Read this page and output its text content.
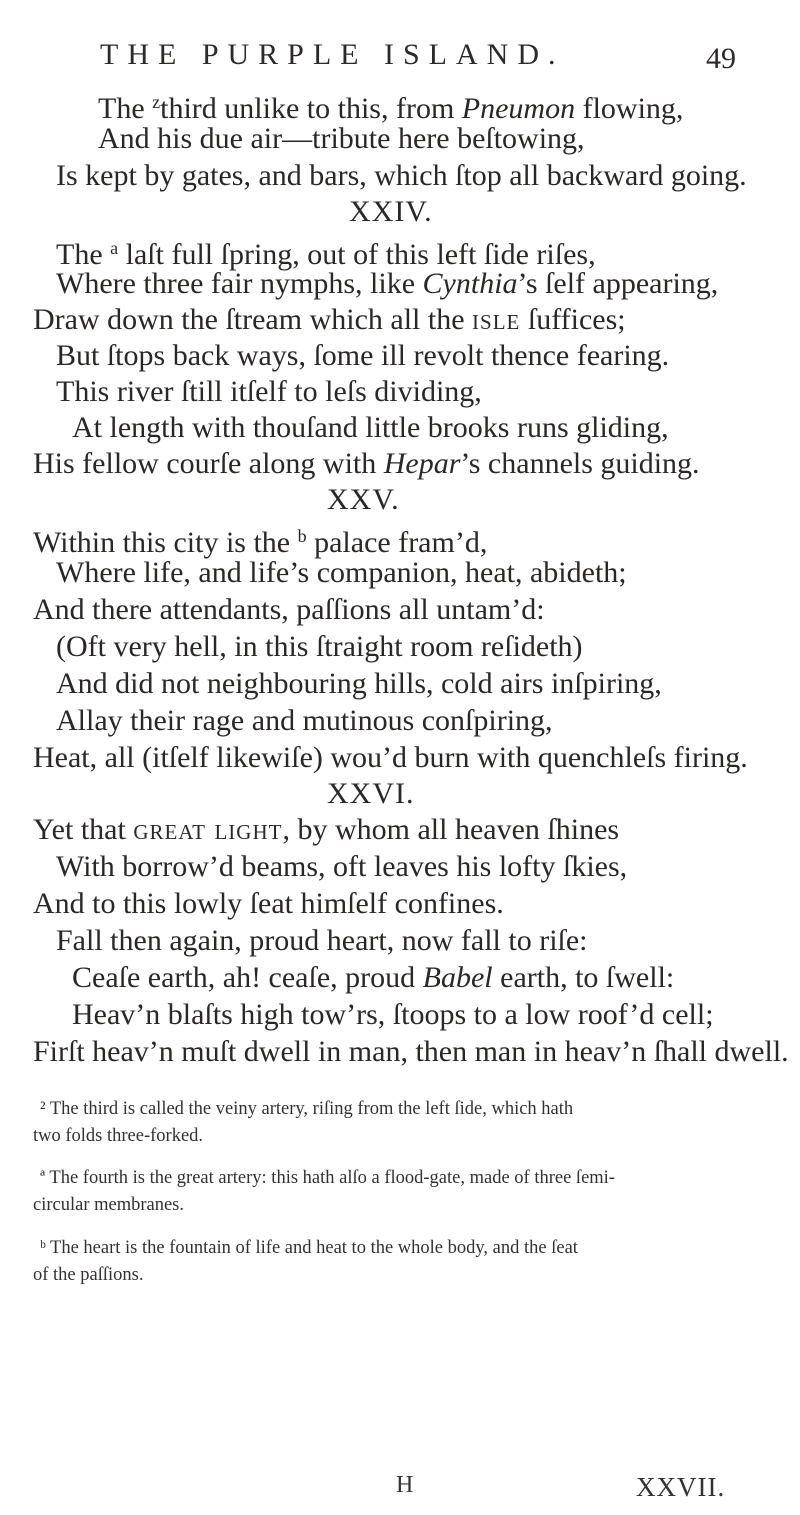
THE PURPLE ISLAND.	49
The $^z$third unlike to this, from Pneumon flowing,
And his due air—tribute here beſtowing,
Is kept by gates, and bars, which ſtop all backward going.
XXIV.
The $^a$ laſt full ſpring, out of this left ſide riſes,
Where three fair nymphs, like Cynthia’s ſelf appearing,
Draw down the ſtream which all the isle ſuffices;
But ſtops back ways, ſome ill revolt thence fearing.
This river ſtill itſelf to leſs dividing,
At length with thouſand little brooks runs gliding,
His fellow courſe along with Hepar’s channels guiding.
XXV.
Within this city is the $^b$ palace fram’d,
Where life, and life’s companion, heat, abideth;
And there attendants, paſſions all untam’d:
(Oft very hell, in this ſtraight room reſideth)
And did not neighbouring hills, cold airs inſpiring,
Allay their rage and mutinous conſpiring,
Heat, all (itſelf likewiſe) wou’d burn with quenchleſs firing.
XXVI.
Yet that great light, by whom all heaven ſhines
With borrow’d beams, oft leaves his lofty ſkies,
And to this lowly ſeat himſelf confines.
Fall then again, proud heart, now fall to riſe:
Ceaſe earth, ah! ceaſe, proud Babel earth, to ſwell:
Heav’n blaſts high tow’rs, ſtoops to a low roof’d cell;
Firſt heav’n muſt dwell in man, then man in heav’n ſhall dwell.
² The third is called the veiny artery, riſing from the left ſide, which hath
two folds three-forked.
ª The fourth is the great artery: this hath alſo a flood-gate, made of three ſemi-
circular membranes.
ᵇ The heart is the fountain of life and heat to the whole body, and the ſeat
of the paſſions.
H	XXVII.
